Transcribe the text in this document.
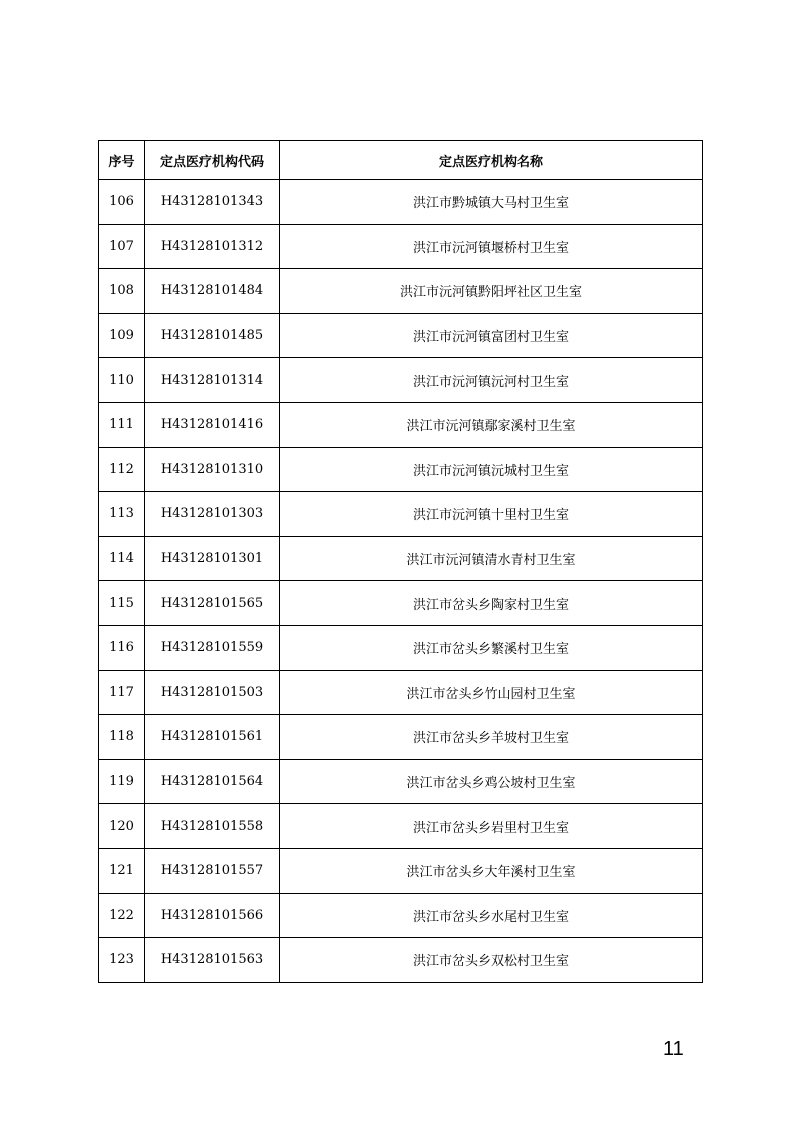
序号	定点医疗机构代码	定点医疗机构名称
106	H43128101343	洪江市黔城镇大马村卫生室
107	H43128101312	洪江市沅河镇堰桥村卫生室
108	H43128101484	洪江市沅河镇黔阳坪社区卫生室
109	H43128101485	洪江市沅河镇富团村卫生室
110	H43128101314	洪江市沅河镇沅河村卫生室
111	H43128101416	洪江市沅河镇鄢家溪村卫生室
112	H43128101310	洪江市沅河镇沅城村卫生室
113	H43128101303	洪江市沅河镇十里村卫生室
114	H43128101301	洪江市沅河镇清水青村卫生室
115	H43128101565	洪江市岔头乡陶家村卫生室
116	H43128101559	洪江市岔头乡繁溪村卫生室
117	H43128101503	洪江市岔头乡竹山园村卫生室
118	H43128101561	洪江市岔头乡羊坡村卫生室
119	H43128101564	洪江市岔头乡鸡公坡村卫生室
120	H43128101558	洪江市岔头乡岩里村卫生室
121	H43128101557	洪江市岔头乡大年溪村卫生室
122	H43128101566	洪江市岔头乡水尾村卫生室
123	H43128101563	洪江市岔头乡双松村卫生室
11
